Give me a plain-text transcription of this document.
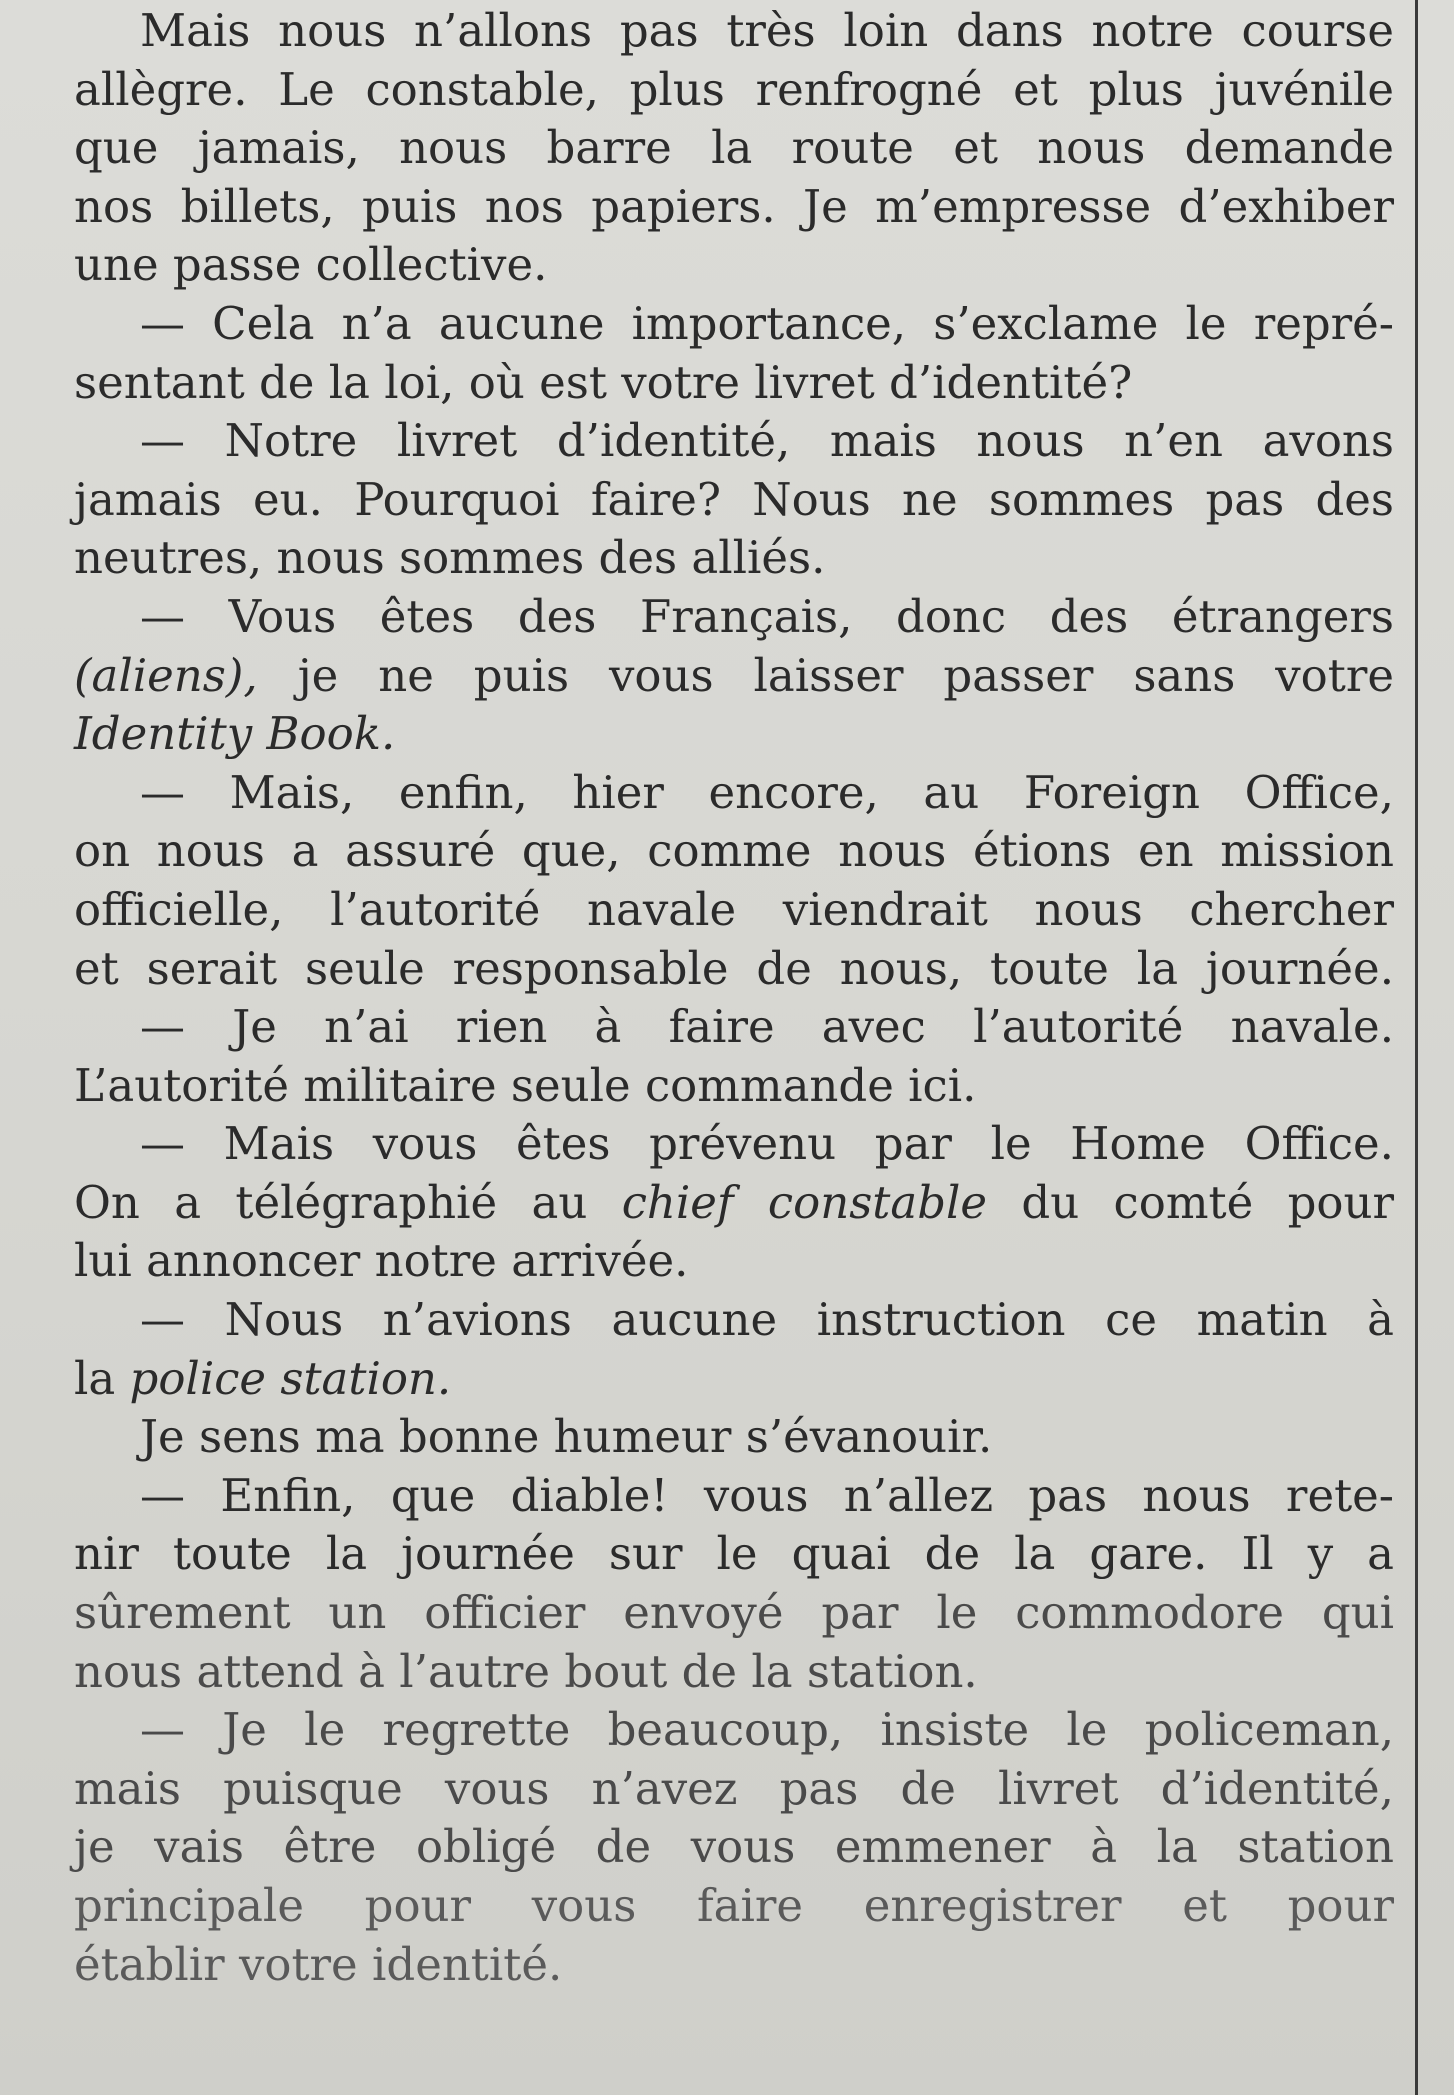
Mais nous n’allons pas très loin dans notre course
allègre. Le constable, plus renfrogné et plus juvénile
que jamais, nous barre la route et nous demande
nos billets, puis nos papiers. Je m’empresse d’exhiber
une passe collective.
— Cela n’a aucune importance, s’exclame le repré-
sentant de la loi, où est votre livret d’identité?
— Notre livret d’identité, mais nous n’en avons
jamais eu. Pourquoi faire? Nous ne sommes pas des
neutres, nous sommes des alliés.
— Vous êtes des Français, donc des étrangers
(aliens), je ne puis vous laisser passer sans votre
Identity Book.
— Mais, enfin, hier encore, au Foreign Office,
on nous a assuré que, comme nous étions en mission
officielle, l’autorité navale viendrait nous chercher
et serait seule responsable de nous, toute la journée.
— Je n’ai rien à faire avec l’autorité navale.
L’autorité militaire seule commande ici.
— Mais vous êtes prévenu par le Home Office.
On a télégraphié au chief constable du comté pour
lui annoncer notre arrivée.
— Nous n’avions aucune instruction ce matin à
la police station.
Je sens ma bonne humeur s’évanouir.
— Enfin, que diable! vous n’allez pas nous rete-
nir toute la journée sur le quai de la gare. Il y a
sûrement un officier envoyé par le commodore qui
nous attend à l’autre bout de la station.
— Je le regrette beaucoup, insiste le policeman,
mais puisque vous n’avez pas de livret d’identité,
je vais être obligé de vous emmener à la station
principale pour vous faire enregistrer et pour
établir votre identité.
